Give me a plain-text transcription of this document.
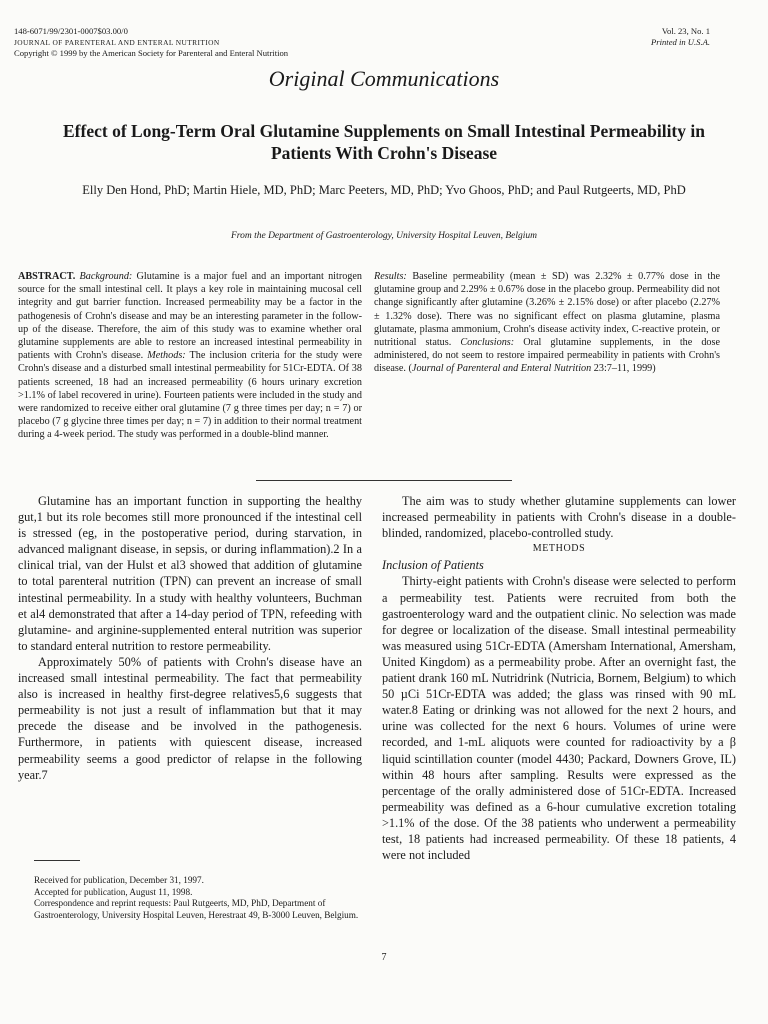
148-6071/99/2301-0007$03.00/0
JOURNAL OF PARENTERAL AND ENTERAL NUTRITION
Copyright © 1999 by the American Society for Parenteral and Enteral Nutrition
Vol. 23, No. 1
Printed in U.S.A.
Original Communications
Effect of Long-Term Oral Glutamine Supplements on Small Intestinal Permeability in Patients With Crohn's Disease
Elly Den Hond, PhD; Martin Hiele, MD, PhD; Marc Peeters, MD, PhD; Yvo Ghoos, PhD; and Paul Rutgeerts, MD, PhD
From the Department of Gastroenterology, University Hospital Leuven, Belgium
ABSTRACT. Background: Glutamine is a major fuel and an important nitrogen source for the small intestinal cell. It plays a key role in maintaining mucosal cell integrity and gut barrier function. Increased permeability may be a factor in the pathogenesis of Crohn's disease and may be an interesting parameter in the follow-up of the disease. Therefore, the aim of this study was to examine whether oral glutamine supplements are able to restore an increased intestinal permeability in patients with Crohn's disease. Methods: The inclusion criteria for the study were Crohn's disease and a disturbed small intestinal permeability for 51Cr-EDTA. Of 38 patients screened, 18 had an increased permeability (6 hours urinary excretion >1.1% of label recovered in urine). Fourteen patients were included in the study and were randomized to receive either oral glutamine (7 g three times per day; n = 7) or placebo (7 g glycine three times per day; n = 7) in addition to their normal treatment during a 4-week period. The study was performed in a double-blind manner.
Results: Baseline permeability (mean ± SD) was 2.32% ± 0.77% dose in the glutamine group and 2.29% ± 0.67% dose in the placebo group. Permeability did not change significantly after glutamine (3.26% ± 2.15% dose) or after placebo (2.27% ± 1.32% dose). There was no significant effect on plasma glutamine, plasma glutamate, plasma ammonium, Crohn's disease activity index, C-reactive protein, or nutritional status. Conclusions: Oral glutamine supplements, in the dose administered, do not seem to restore impaired permeability in patients with Crohn's disease. (Journal of Parenteral and Enteral Nutrition 23:7–11, 1999)

Glutamine has an important function in supporting the healthy gut,1 but its role becomes still more pronounced if the intestinal cell is stressed (eg, in the postoperative period, during starvation, in advanced malignant disease, in sepsis, or during inflammation).2 In a clinical trial, van der Hulst et al3 showed that addition of glutamine to total parenteral nutrition (TPN) can prevent an increase of small intestinal permeability. In a study with healthy volunteers, Buchman et al4 demonstrated that after a 14-day period of TPN, refeeding with glutamine- and arginine-supplemented enteral nutrition was superior to standard enteral nutrition to restore permeability.

Approximately 50% of patients with Crohn's disease have an increased small intestinal permeability. The fact that permeability also is increased in healthy first-degree relatives5,6 suggests that permeability is not just a result of inflammation but that it may precede the disease and be involved in the pathogenesis. Furthermore, in patients with quiescent disease, increased permeability seems a good predictor of relapse in the following year.7

Received for publication, December 31, 1997.
Accepted for publication, August 11, 1998.
Correspondence and reprint requests: Paul Rutgeerts, MD, PhD, Department of Gastroenterology, University Hospital Leuven, Herestraat 49, B-3000 Leuven, Belgium.

The aim was to study whether glutamine supplements can lower increased permeability in patients with Crohn's disease in a double-blinded, randomized, placebo-controlled study.

METHODS

Inclusion of Patients

Thirty-eight patients with Crohn's disease were selected to perform a permeability test. Patients were recruited from both the gastroenterology ward and the outpatient clinic. No selection was made for degree or localization of the disease. Small intestinal permeability was measured using 51Cr-EDTA (Amersham International, Amersham, United Kingdom) as a permeability probe. After an overnight fast, the patient drank 160 mL Nutridrink (Nutricia, Bornem, Belgium) to which 50 µCi 51Cr-EDTA was added; the glass was rinsed with 90 mL water.8 Eating or drinking was not allowed for the next 2 hours, and urine was collected for the next 6 hours. Volumes of urine were recorded, and 1-mL aliquots were counted for radioactivity by a β liquid scintillation counter (model 4430; Packard, Downers Grove, IL) within 48 hours after sampling. Results were expressed as the percentage of the orally administered dose of 51Cr-EDTA. Increased permeability was defined as a 6-hour cumulative excretion totaling >1.1% of the dose. Of the 38 patients who underwent a permeability test, 18 patients had increased permeability. Of these 18 patients, 4 were not included

7
